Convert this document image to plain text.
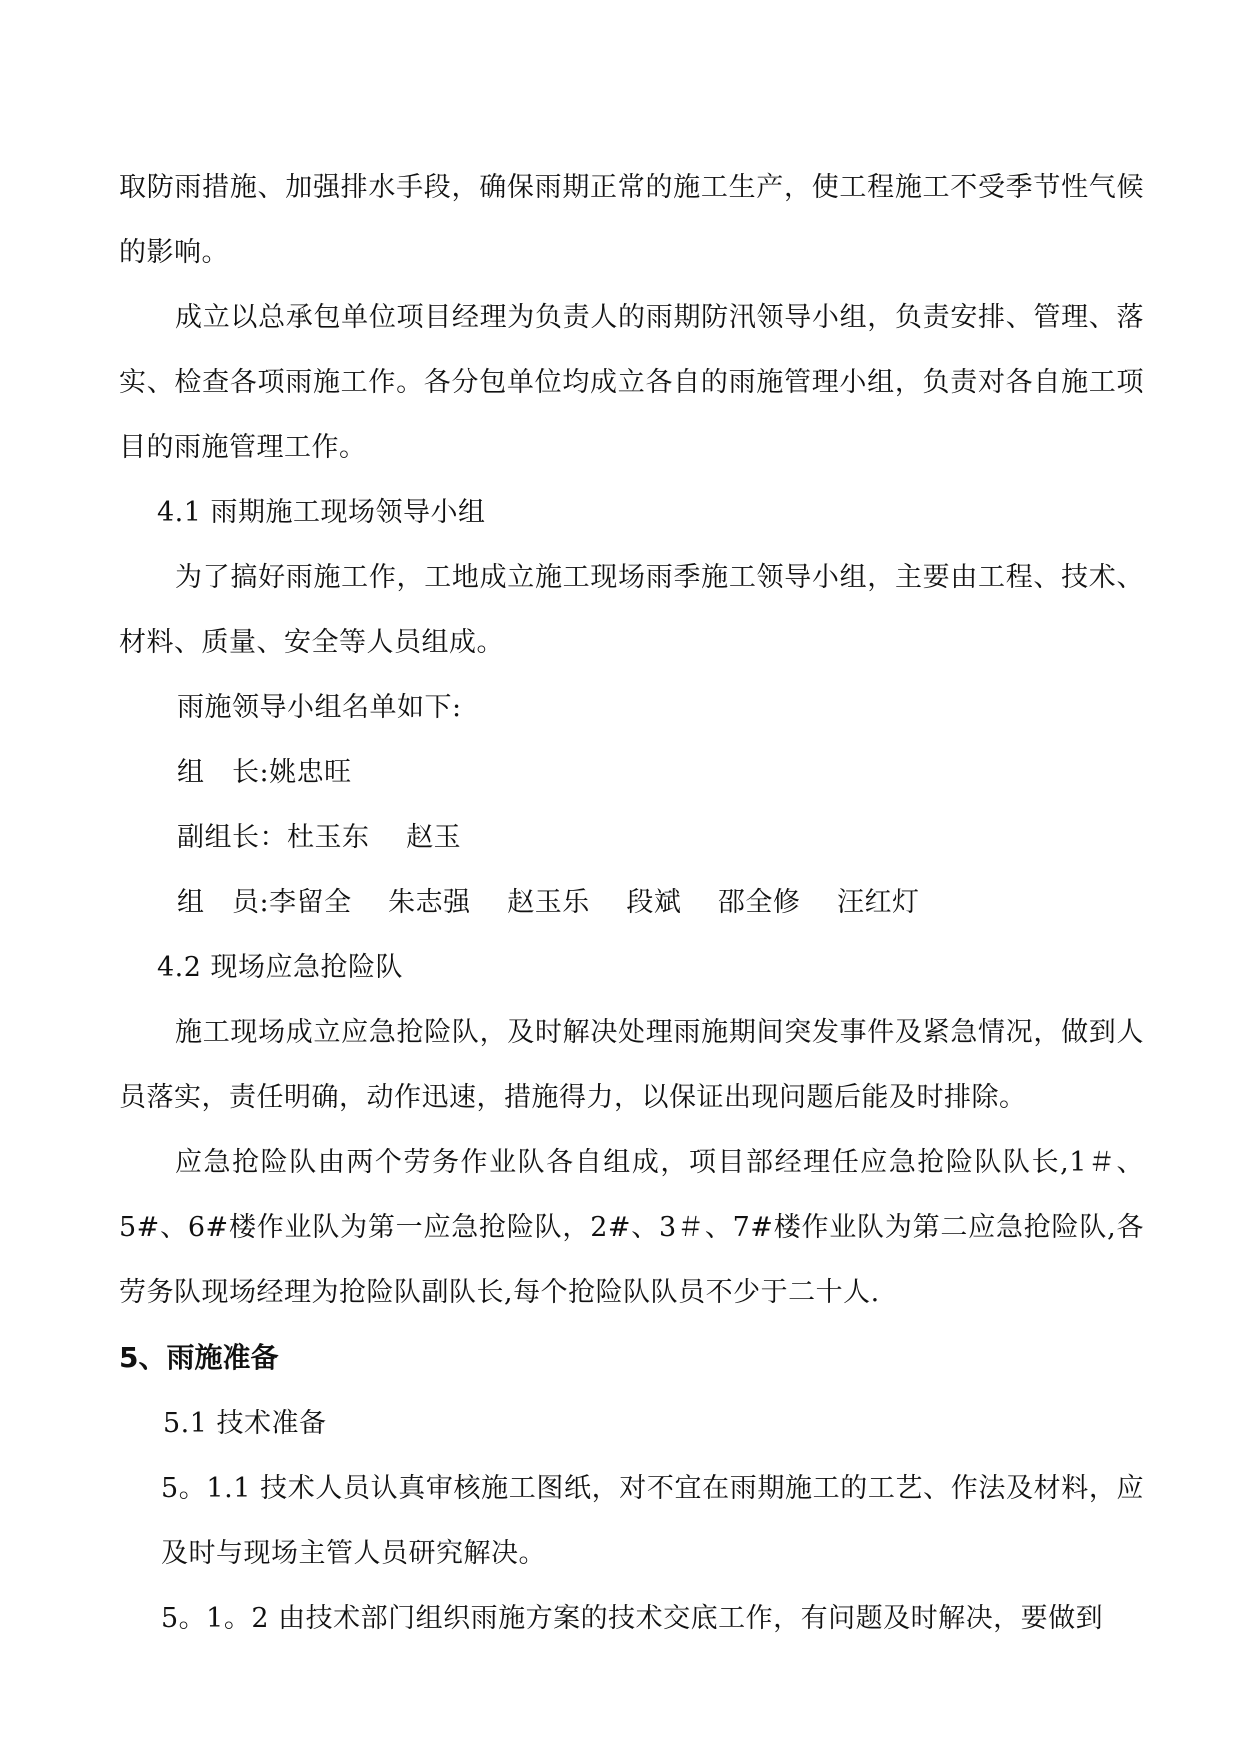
取防雨措施、加强排水手段，确保雨期正常的施工生产，使工程施工不受季节性气候的影响。

成立以总承包单位项目经理为负责人的雨期防汛领导小组，负责安排、管理、落实、检查各项雨施工作。各分包单位均成立各自的雨施管理小组，负责对各自施工项目的雨施管理工作。

4.1 雨期施工现场领导小组

为了搞好雨施工作，工地成立施工现场雨季施工领导小组，主要由工程、技术、材料、质量、安全等人员组成。

雨施领导小组名单如下:

组　长:姚忠旺

副组长：杜玉东　 赵玉

组　员:李留全　 朱志强　 赵玉乐　 段斌　 邵全修　 汪红灯

4.2 现场应急抢险队

施工现场成立应急抢险队，及时解决处理雨施期间突发事件及紧急情况，做到人员落实，责任明确，动作迅速，措施得力，以保证出现问题后能及时排除。

应急抢险队由两个劳务作业队各自组成，项目部经理任应急抢险队队长,1＃、5#、6#楼作业队为第一应急抢险队，2#、3＃、7#楼作业队为第二应急抢险队,各劳务队现场经理为抢险队副队长,每个抢险队队员不少于二十人.

5、雨施准备

5.1 技术准备

5。1.1 技术人员认真审核施工图纸，对不宜在雨期施工的工艺、作法及材料，应及时与现场主管人员研究解决。

5。1。2 由技术部门组织雨施方案的技术交底工作，有问题及时解决，要做到
